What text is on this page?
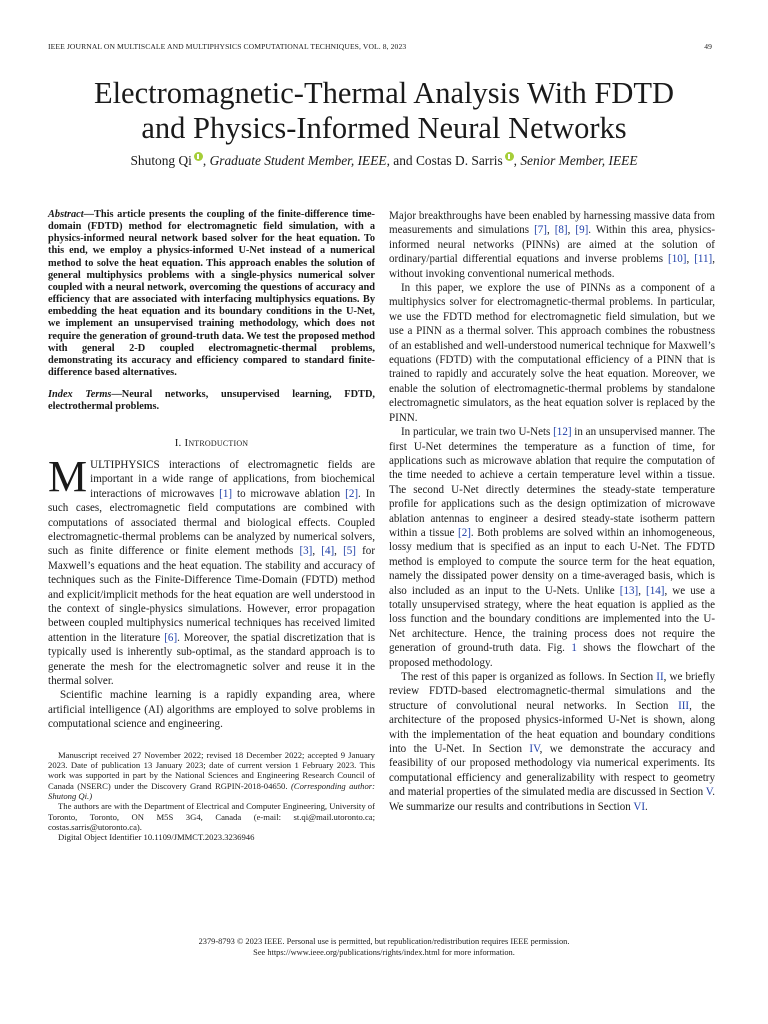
IEEE JOURNAL ON MULTISCALE AND MULTIPHYSICS COMPUTATIONAL TECHNIQUES, VOL. 8, 2023	49
Electromagnetic-Thermal Analysis With FDTD
and Physics-Informed Neural Networks
Shutong Qi , Graduate Student Member, IEEE, and Costas D. Sarris , Senior Member, IEEE
Abstract—This article presents the coupling of the finite-difference time-domain (FDTD) method for electromagnetic field simulation, with a physics-informed neural network based solver for the heat equation. To this end, we employ a physics-informed U-Net instead of a numerical method to solve the heat equation. This approach enables the solution of general multiphysics problems with a single-physics numerical solver coupled with a neural network, overcoming the questions of accuracy and efficiency that are associated with interfacing multiphysics equations. By embedding the heat equation and its boundary conditions in the U-Net, we implement an unsupervised training methodology, which does not require the generation of ground-truth data. We test the proposed method with general 2-D coupled electromagnetic-thermal problems, demonstrating its accuracy and efficiency compared to standard finite-difference based alternatives.
Index Terms—Neural networks, unsupervised learning, FDTD, electrothermal problems.
I. Introduction

MULTIPHYSICS interactions of electromagnetic fields are important in a wide range of applications, from biochemical interactions of microwaves [1] to microwave ablation [2]. In such cases, electromagnetic field computations are combined with computations of associated thermal and biological effects. Coupled electromagnetic-thermal problems can be analyzed by numerical solvers, such as finite difference or finite element methods [3], [4], [5] for Maxwell’s equations and the heat equation. The stability and accuracy of techniques such as the Finite-Difference Time-Domain (FDTD) method and explicit/implicit methods for the heat equation are well understood in the context of single-physics simulations. However, error propagation between coupled multiphysics numerical techniques has received limited attention in the literature [6]. Moreover, the spatial discretization that is typically used is inherently sub-optimal, as the standard approach is to generate the mesh for the electromagnetic solver and reuse it in the thermal solver.

Scientific machine learning is a rapidly expanding area, where artificial intelligence (AI) algorithms are employed to solve problems in computational science and engineering.

Manuscript received 27 November 2022; revised 18 December 2022; accepted 9 January 2023. Date of publication 13 January 2023; date of current version 1 February 2023. This work was supported in part by the National Sciences and Engineering Research Council of Canada (NSERC) under the Discovery Grand RGPIN-2018-04650. (Corresponding author: Shutong Qi.)

The authors are with the Department of Electrical and Computer Engineering, University of Toronto, Toronto, ON M5S 3G4, Canada (e-mail: st.qi@mail.utoronto.ca; costas.sarris@utoronto.ca).

Digital Object Identifier 10.1109/JMMCT.2023.3236946

Major breakthroughs have been enabled by harnessing massive data from measurements and simulations [7], [8], [9]. Within this area, physics-informed neural networks (PINNs) are aimed at the solution of ordinary/partial differential equations and inverse problems [10], [11], without invoking conventional numerical methods.

In this paper, we explore the use of PINNs as a component of a multiphysics solver for electromagnetic-thermal problems. In particular, we use the FDTD method for electromagnetic field simulation, but we use a PINN as a thermal solver. This approach combines the robustness of an established and well-understood numerical technique for Maxwell’s equations (FDTD) with the computational efficiency of a PINN that is trained to rapidly and accurately solve the heat equation. Moreover, we enable the solution of electromagnetic-thermal problems by standalone electromagnetic simulators, as the heat equation solver is replaced by the PINN.

In particular, we train two U-Nets [12] in an unsupervised manner. The first U-Net determines the temperature as a function of time, for applications such as microwave ablation that require the computation of the time needed to achieve a certain temperature level within a tissue. The second U-Net directly determines the steady-state temperature profile for applications such as the design optimization of microwave ablation antennas to engineer a desired steady-state isotherm pattern within a tissue [2]. Both problems are solved within an inhomogeneous, lossy medium that is specified as an input to each U-Net. The FDTD method is employed to compute the source term for the heat equation, namely the dissipated power density on a time-averaged basis, which is also included as an input to the U-Nets. Unlike [13], [14], we use a totally unsupervised strategy, where the heat equation is applied as the loss function and the boundary conditions are implemented into the U-Net architecture. Hence, the training process does not require the generation of ground-truth data. Fig. 1 shows the flowchart of the proposed methodology.

The rest of this paper is organized as follows. In Section II, we briefly review FDTD-based electromagnetic-thermal simulations and the structure of convolutional neural networks. In Section III, the architecture of the proposed physics-informed U-Net is shown, along with the implementation of the heat equation and boundary conditions into the U-Net. In Section IV, we demonstrate the accuracy and feasibility of our proposed methodology via numerical experiments. Its computational efficiency and generalizability with respect to geometry and material properties of the simulated media are discussed in Section V. We summarize our results and contributions in Section VI.

2379-8793 © 2023 IEEE. Personal use is permitted, but republication/redistribution requires IEEE permission.
See https://www.ieee.org/publications/rights/index.html for more information.
